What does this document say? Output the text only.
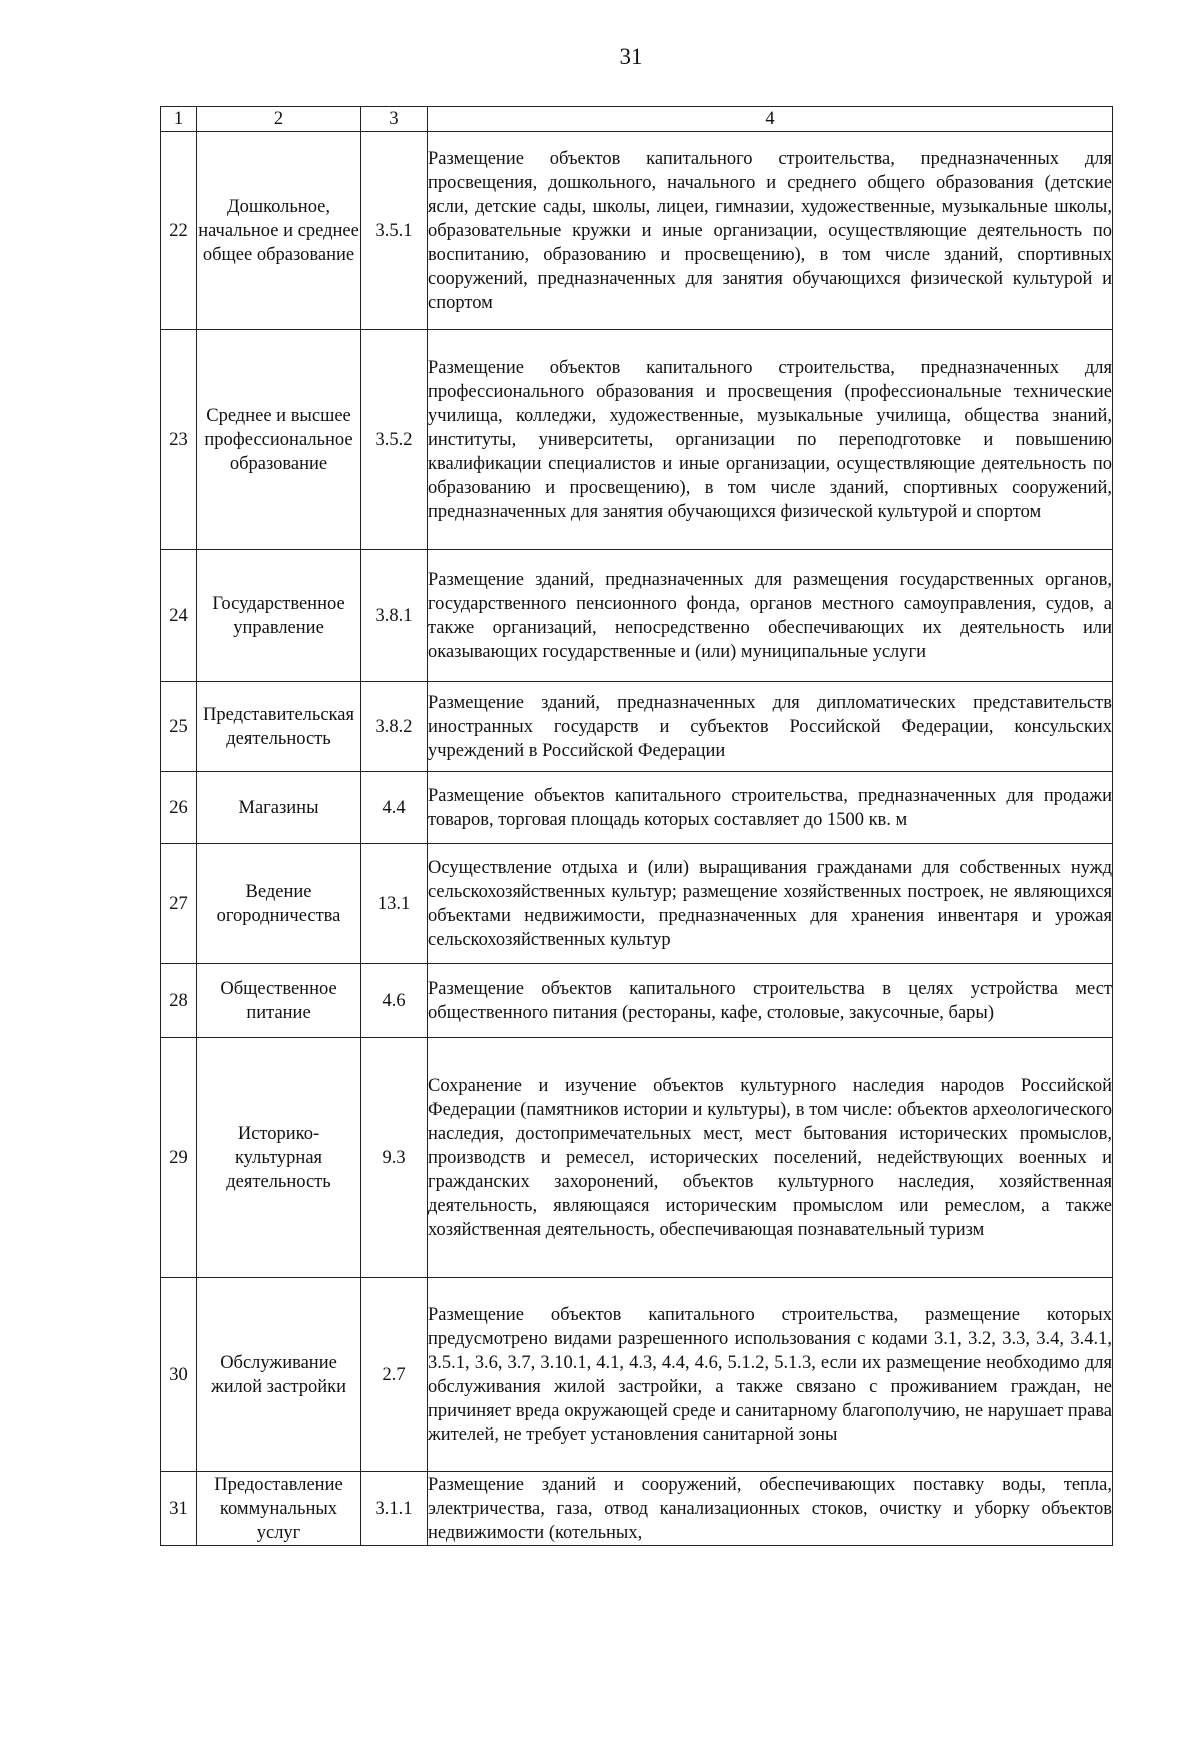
31
1	2	3	4
22	Дошкольное, начальное и среднее общее образование	3.5.1	Размещение объектов капитального строительства, предназначенных для просвещения, дошкольного, начального и среднего общего образования (детские ясли, детские сады, школы, лицеи, гимназии, художественные, музыкальные школы, образовательные кружки и иные организации, осуществляющие деятельность по воспитанию, образованию и просвещению), в том числе зданий, спортивных сооружений, предназначенных для занятия обучающихся физической культурой и спортом
23	Среднее и высшее профессиональное образование	3.5.2	Размещение объектов капитального строительства, предназначенных для профессионального образования и просвещения (профессиональные технические училища, колледжи, художественные, музыкальные училища, общества знаний, институты, университеты, организации по переподготовке и повышению квалификации специалистов и иные организации, осуществляющие деятельность по образованию и просвещению), в том числе зданий, спортивных сооружений, предназначенных для занятия обучающихся физической культурой и спортом
24	Государственное управление	3.8.1	Размещение зданий, предназначенных для размещения государственных органов, государственного пенсионного фонда, органов местного самоуправления, судов, а также организаций, непосредственно обеспечивающих их деятельность или оказывающих государственные и (или) муниципальные услуги
25	Представительская деятельность	3.8.2	Размещение зданий, предназначенных для дипломатических представительств иностранных государств и субъектов Российской Федерации, консульских учреждений в Российской Федерации
26	Магазины	4.4	Размещение объектов капитального строительства, предназначенных для продажи товаров, торговая площадь которых составляет до 1500 кв. м
27	Ведение огородничества	13.1	Осуществление отдыха и (или) выращивания гражданами для собственных нужд сельскохозяйственных культур; размещение хозяйственных построек, не являющихся объектами недвижимости, предназначенных для хранения инвентаря и урожая сельскохозяйственных культур
28	Общественное питание	4.6	Размещение объектов капитального строительства в целях устройства мест общественного питания (рестораны, кафе, столовые, закусочные, бары)
29	Историко-культурная деятельность	9.3	Сохранение и изучение объектов культурного наследия народов Российской Федерации (памятников истории и культуры), в том числе: объектов археологического наследия, достопримечательных мест, мест бытования исторических промыслов, производств и ремесел, исторических поселений, недействующих военных и гражданских захоронений, объектов культурного наследия, хозяйственная деятельность, являющаяся историческим промыслом или ремеслом, а также хозяйственная деятельность, обеспечивающая познавательный туризм
30	Обслуживание жилой застройки	2.7	Размещение объектов капитального строительства, размещение которых предусмотрено видами разрешенного использования с кодами 3.1, 3.2, 3.3, 3.4, 3.4.1, 3.5.1, 3.6, 3.7, 3.10.1, 4.1, 4.3, 4.4, 4.6, 5.1.2, 5.1.3, если их размещение необходимо для обслуживания жилой застройки, а также связано с проживанием граждан, не причиняет вреда окружающей среде и санитарному благополучию, не нарушает права жителей, не требует установления санитарной зоны
31	Предоставление коммунальных услуг	3.1.1	Размещение зданий и сооружений, обеспечивающих поставку воды, тепла, электричества, газа, отвод канализационных стоков, очистку и уборку объектов недвижимости (котельных,
